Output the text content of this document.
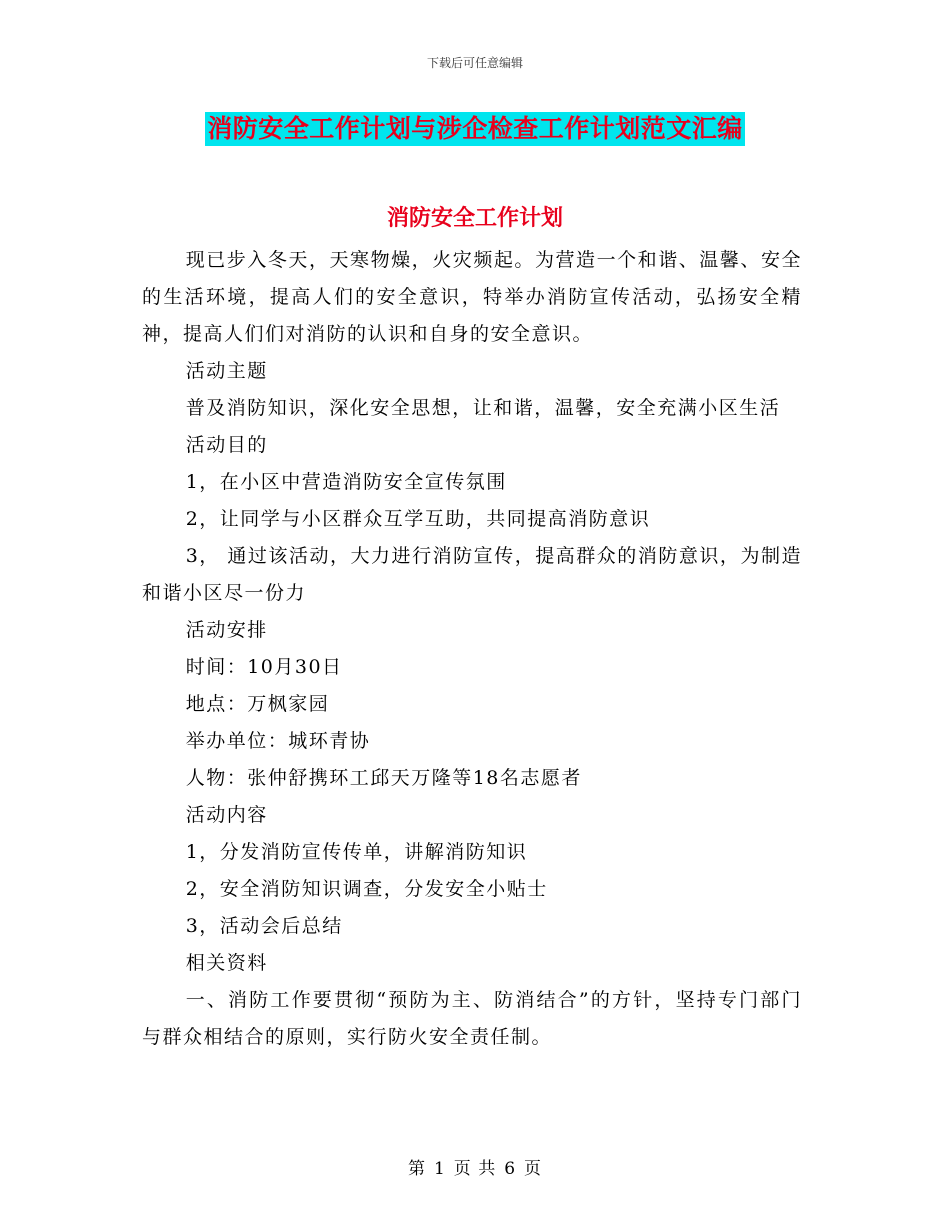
下载后可任意编辑
消防安全工作计划与涉企检查工作计划范文汇编
消防安全工作计划

现已步入冬天，天寒物燥，火灾频起。为营造一个和谐、温馨、安全的生活环境，提高人们的安全意识，特举办消防宣传活动，弘扬安全精神，提高人们们对消防的认识和自身的安全意识。

活动主题

普及消防知识，深化安全思想，让和谐，温馨，安全充满小区生活

活动目的

1，在小区中营造消防安全宣传氛围

2，让同学与小区群众互学互助，共同提高消防意识

3， 通过该活动，大力进行消防宣传，提高群众的消防意识，为制造和谐小区尽一份力

活动安排

时间：10月30日

地点：万枫家园

举办单位：城环青协

人物：张仲舒携环工邱天万隆等18名志愿者

活动内容

1，分发消防宣传传单，讲解消防知识

2，安全消防知识调查，分发安全小贴士

3，活动会后总结

相关资料

一、消防工作要贯彻“预防为主、防消结合”的方针，坚持专门部门与群众相结合的原则，实行防火安全责任制。

第 1 页 共 6 页
